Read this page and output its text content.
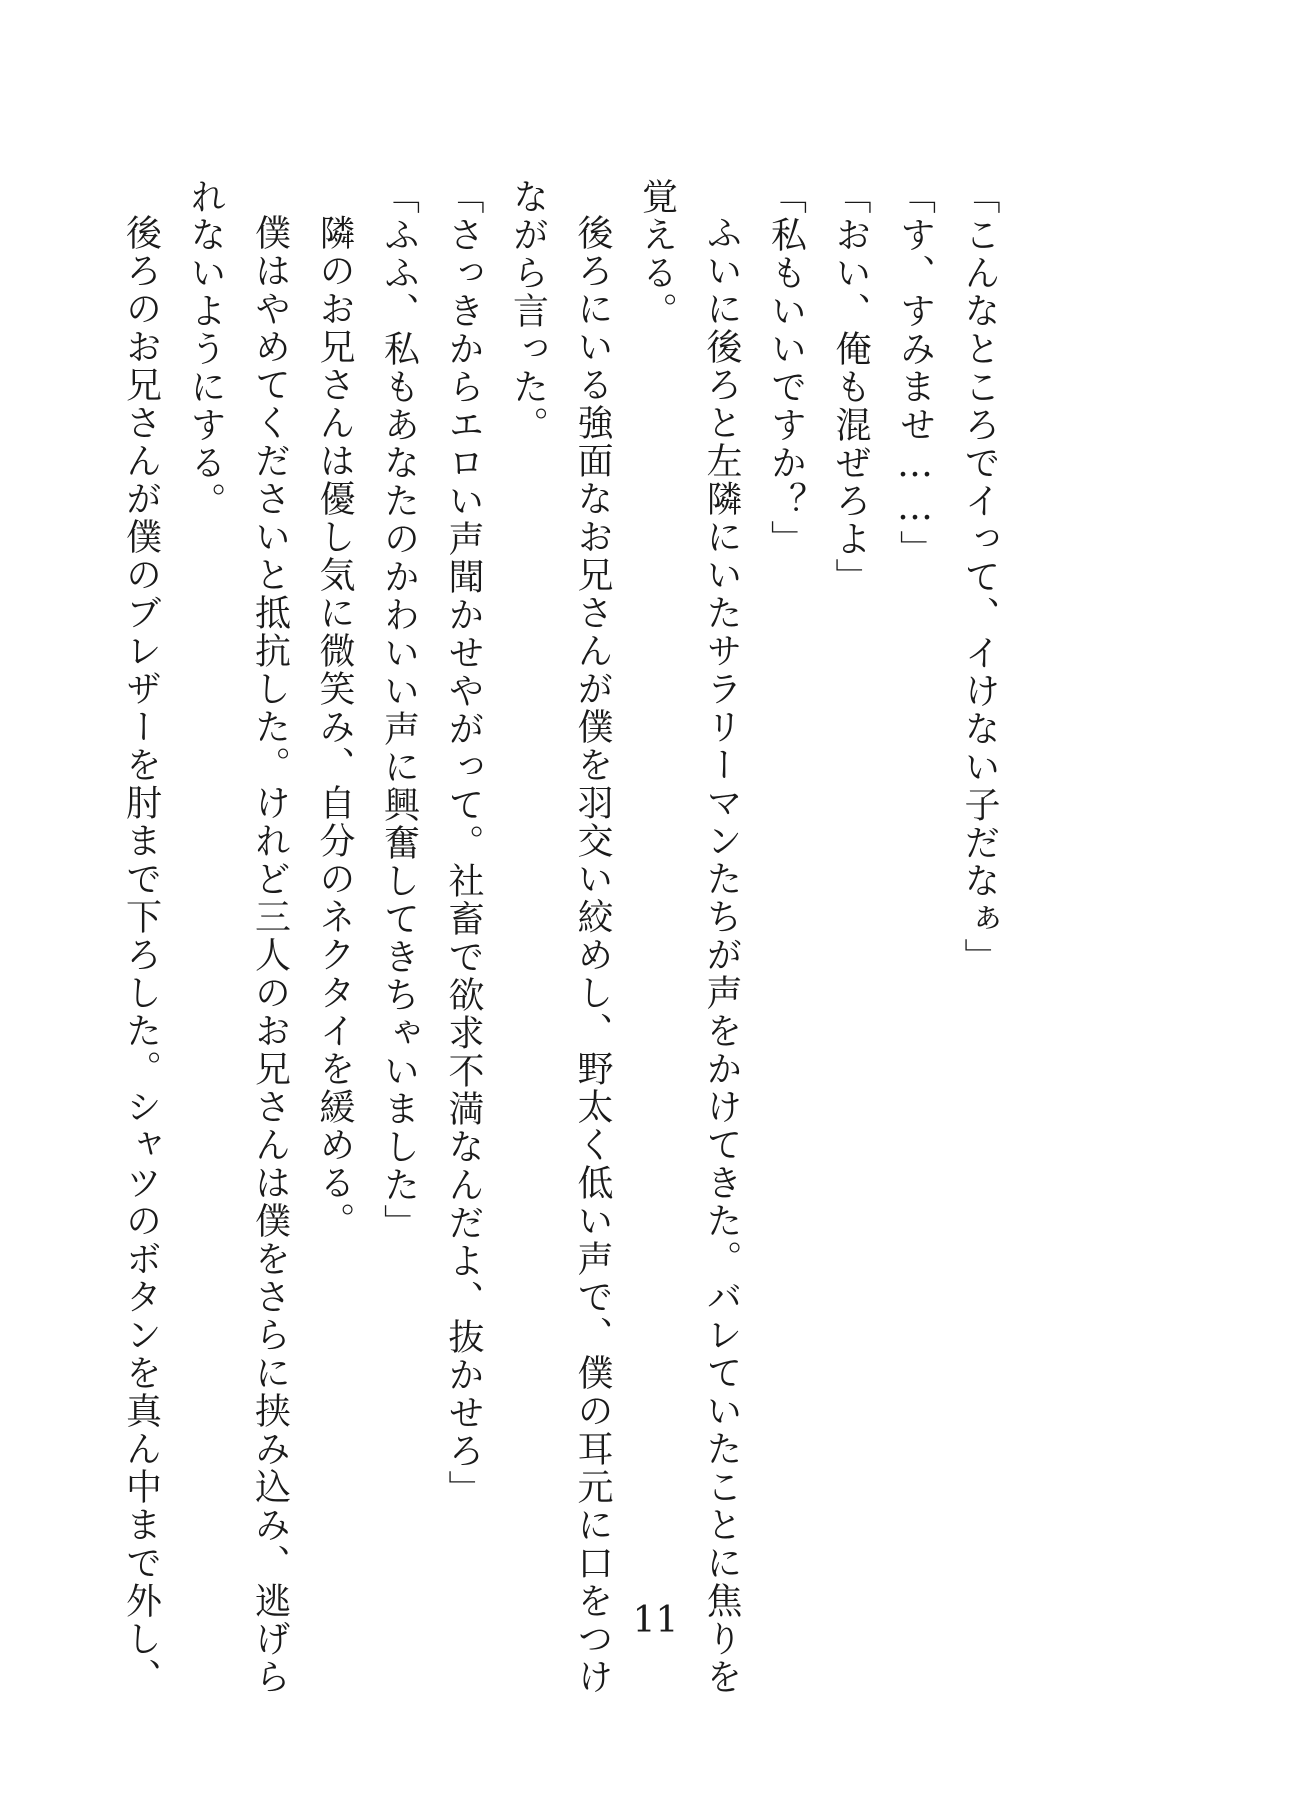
「こんなところでイって、イけない子だなぁ」
「す、すみませ……」
「おい、俺も混ぜろよ」
「私もいいですか？」
ふいに後ろと左隣にいたサラリーマンたちが声をかけてきた。バレていたことに焦りを
覚える。
後ろにいる強面なお兄さんが僕を羽交い絞めし、野太く低い声で、僕の耳元に口をつけ
ながら言った。
「さっきからエロい声聞かせやがって。社畜で欲求不満なんだよ、抜かせろ」
「ふふ、私もあなたのかわいい声に興奮してきちゃいました」
隣のお兄さんは優し気に微笑み、自分のネクタイを緩める。
僕はやめてくださいと抵抗した。けれど三人のお兄さんは僕をさらに挟み込み、逃げら
れないようにする。
後ろのお兄さんが僕のブレザーを肘まで下ろした。シャツのボタンを真ん中まで外し、	11
